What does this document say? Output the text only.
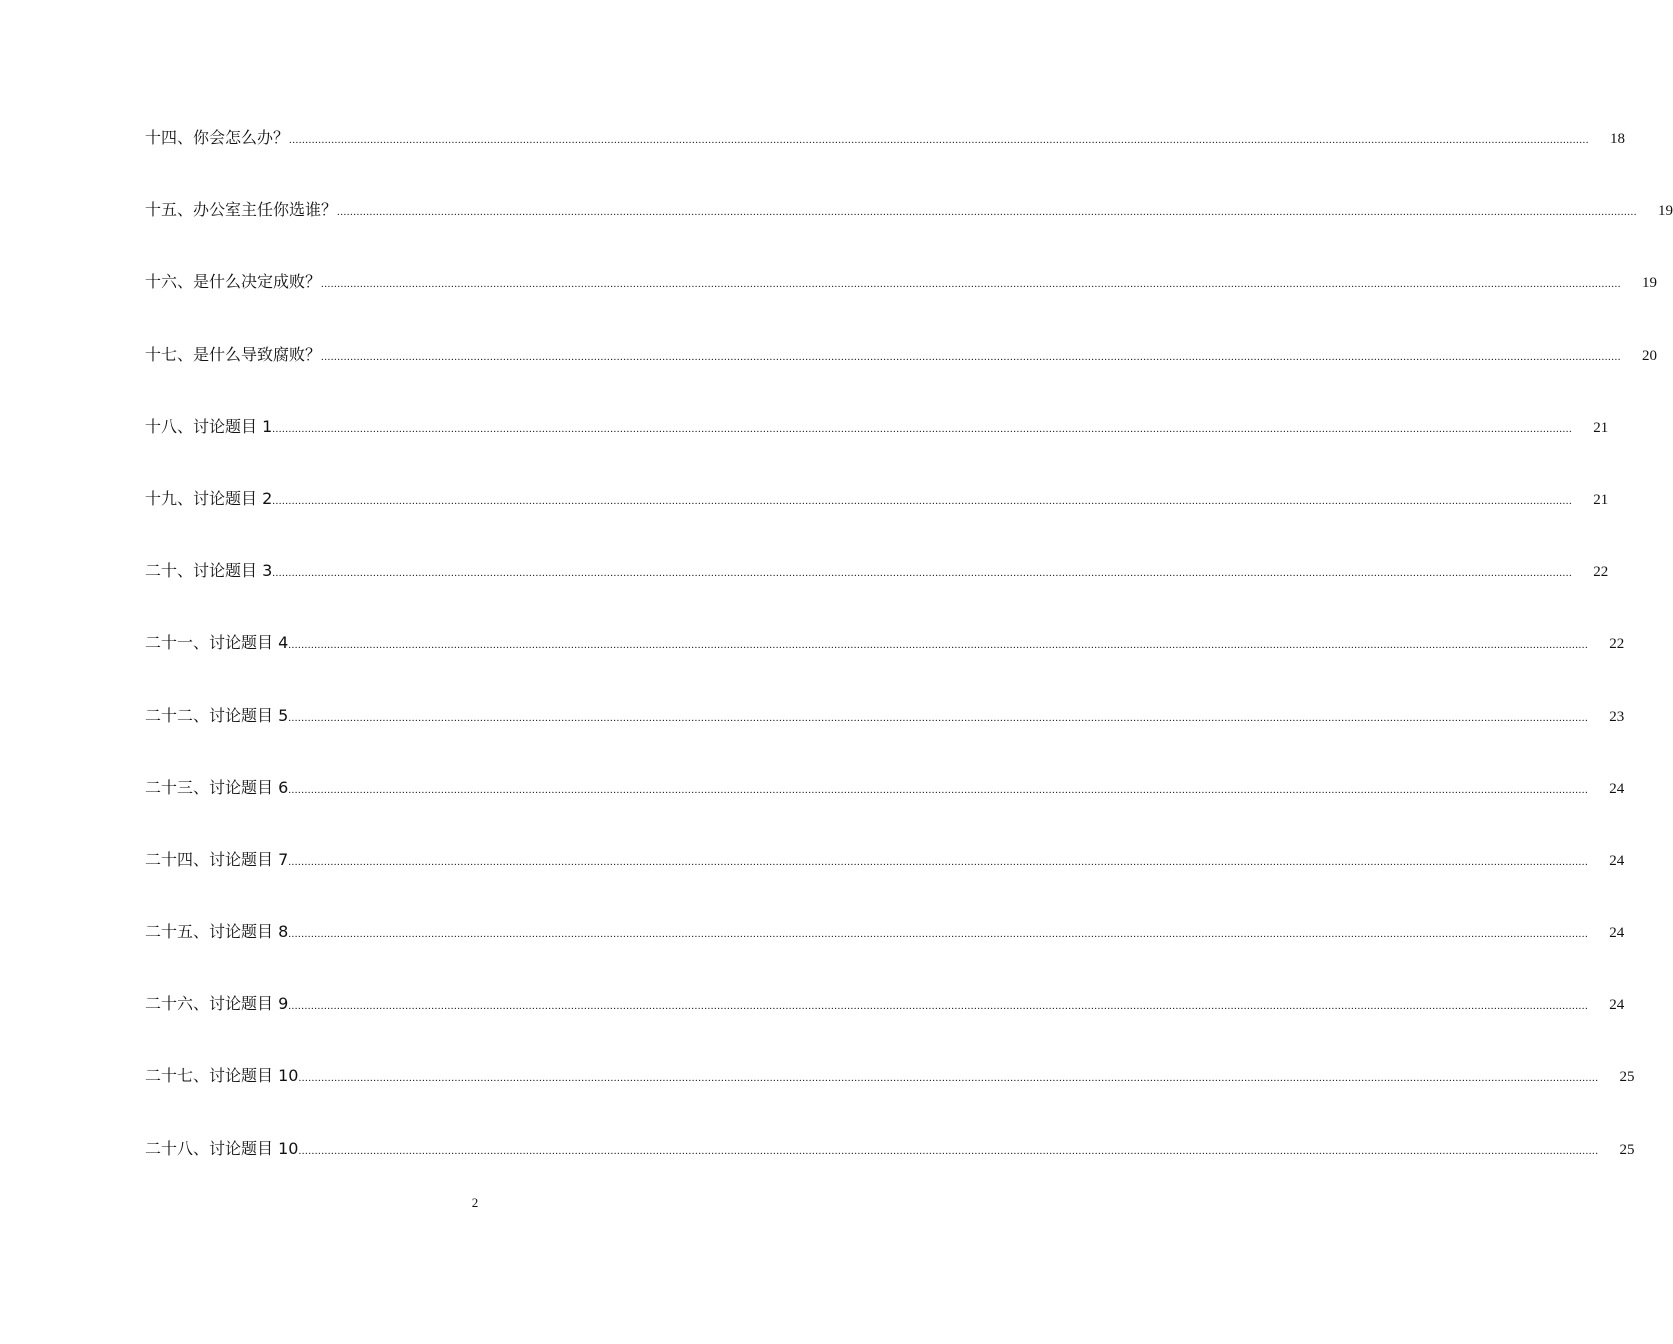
十四、你会怎么办？ ................................................................................................................................................................................................................................................................................................................................................................................................................	18
十五、办公室主任你选谁？ ................................................................................................................................................................................................................................................................................................................................................................................................................	19
十六、是什么决定成败？ ................................................................................................................................................................................................................................................................................................................................................................................................................	19
十七、是什么导致腐败？ ................................................................................................................................................................................................................................................................................................................................................................................................................	20
十八、讨论题目 1 ................................................................................................................................................................................................................................................................................................................................................................................................................	21
十九、讨论题目 2 ................................................................................................................................................................................................................................................................................................................................................................................................................	21
二十、讨论题目 3 ................................................................................................................................................................................................................................................................................................................................................................................................................	22
二十一、讨论题目 4 ................................................................................................................................................................................................................................................................................................................................................................................................................	22
二十二、讨论题目 5 ................................................................................................................................................................................................................................................................................................................................................................................................................	23
二十三、讨论题目 6 ................................................................................................................................................................................................................................................................................................................................................................................................................	24
二十四、讨论题目 7 ................................................................................................................................................................................................................................................................................................................................................................................................................	24
二十五、讨论题目 8 ................................................................................................................................................................................................................................................................................................................................................................................................................	24
二十六、讨论题目 9 ................................................................................................................................................................................................................................................................................................................................................................................................................	24
二十七、讨论题目 10 ................................................................................................................................................................................................................................................................................................................................................................................................................	25
二十八、讨论题目 10 ................................................................................................................................................................................................................................................................................................................................................................................................................	25
2
